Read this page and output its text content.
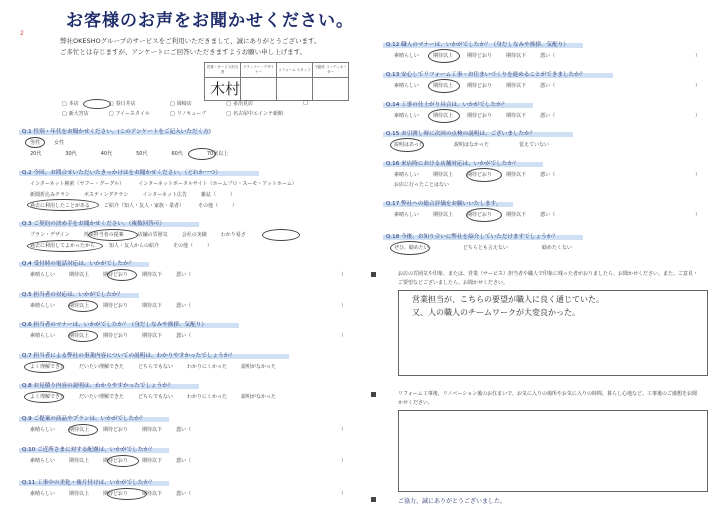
2
お客様のお声をお聞かせください。
弊社OKESHOグループのサービスをご利用いただきまして、誠にありがとうございます。
ご多忙とは存じますが、アンケートにご回答いただきますようお願い申し上げます。
営業・サービス担当者	プランナー・デザイナー	リフォーム スタッフ	不動産 コーディネーター

木村
□ 本店	□ 春日井店	□ 岡崎店	□ 多治見店
□
□ 新大宮店	□ アイースタイル	□ リノキューブ	□ 名古屋中エインテ新館
Q.1 性別・年代をお聞かせください。(このアンケートをご記入いただく方)
男性	女性
20代	30代	40代	50代	60代	70代以上
Q.2 今回、お問合せいただいたきっかけはをお聞かせください。（どれか一つ）
インターネット検索（ヤフー・グーグル）	インターネットポータルサイト（ホームプロ・スーモ・アットホーム）
新聞折込みチラシ	ポスティングチラシ	インターネット広告	雑誌（	）
過去に利用したことがある	ご紹介（知人・友人・家族・業者）	その他（	）
Q.3 ご契約の決め手をお聞かせください。（複数回答可）
プラン・デザイン	営業担当者の提案	店舗の雰囲気	会社の実績	わかり易さ
過去に利用してよかったから	知人・友人からの紹介	その他（	）
Q.4 受付時の電話対応は、いかがでしたか？
素晴らしい	期待以上	期待どおり	期待以下	悪い（	）
Q.5 担当者の対応は、いかがでしたか？
素晴らしい	期待以上	期待どおり	期待以下	悪い（	）
Q.6 担当者のマナーは、いかがでしたか？（身だしなみや挨拶、気配り）
素晴らしい	期待以上	期待どおり	期待以下	悪い（	）
Q.7 担当者による弊社の事業内容についての説明は、わかりやすかったでしょうか？
よく理解できた	だいたい理解できた	どちらでもない	わかりにくかった	説明がなかった
Q.8 お見積り内容の説明は、わかりやすかったでしょうか？
よく理解できた	だいたい理解できた	どちらでもない	わかりにくかった	説明がなかった
Q.9 ご提案の商品やプランは、いかがでしたか？
素晴らしい	期待以上	期待どおり	期待以下	悪い（	）
Q.10 ご近所さまに対する配慮は、いかがでしたか？
素晴らしい	期待以上	期待どおり	期待以下	悪い（	）
Q.11 工事中の美化・後片付けは、いかがでしたか？
素晴らしい	期待以上	期待どおり	期待以下	悪い（	）
Q.12 職人のマナーは、いかがでしたか？（身だしなみや挨拶、気配り）
素晴らしい	期待以上	期待どおり	期待以下	悪い（	）
Q.13 安心してリフォーム工事・お住まいづくりを進めることができましたか？
素晴らしい	期待以上	期待どおり	期待以下	悪い（	）
Q.14 工事の仕上がり具合は、いかがでしたか？
素晴らしい	期待以上	期待どおり	期待以下	悪い（	）
Q.15 お引渡し時に次回の点検の説明は、ございましたか？
説明はあった	説明はなかった	覚えていない
Q.16 来店時における店舗対応は、いかがでしたか？
素晴らしい	期待以上	期待どおり	期待以下	悪い（	）
お店に行ったことはない
Q.17 弊社への総合評価をお願いいたします。
素晴らしい	期待以上	期待どおり	期待以下	悪い（	）
Q.18 今後、お知り合いに弊社を紹介していただけますでしょうか？
ぜひ、勧めたい	どちらとも言えない	勧めたくない
お店の雰囲気や印象、または、営業（サービス）担当者や職人で印象に残った者がおりましたら、お聞かせください。また、ご意見・ご要望などございましたら、お聞かせください。
営業担当が、こちらの要望が職人に良く通じていた。
又、人の職人のチームワークが大変良かった。
リフォーム工事後、リノベーション後のお住まいで、お気に入りの場所やお気に入りの時間、暮らし心地など、工事後のご感想をお聞かせください。
ご協力、誠にありがとうございました。
